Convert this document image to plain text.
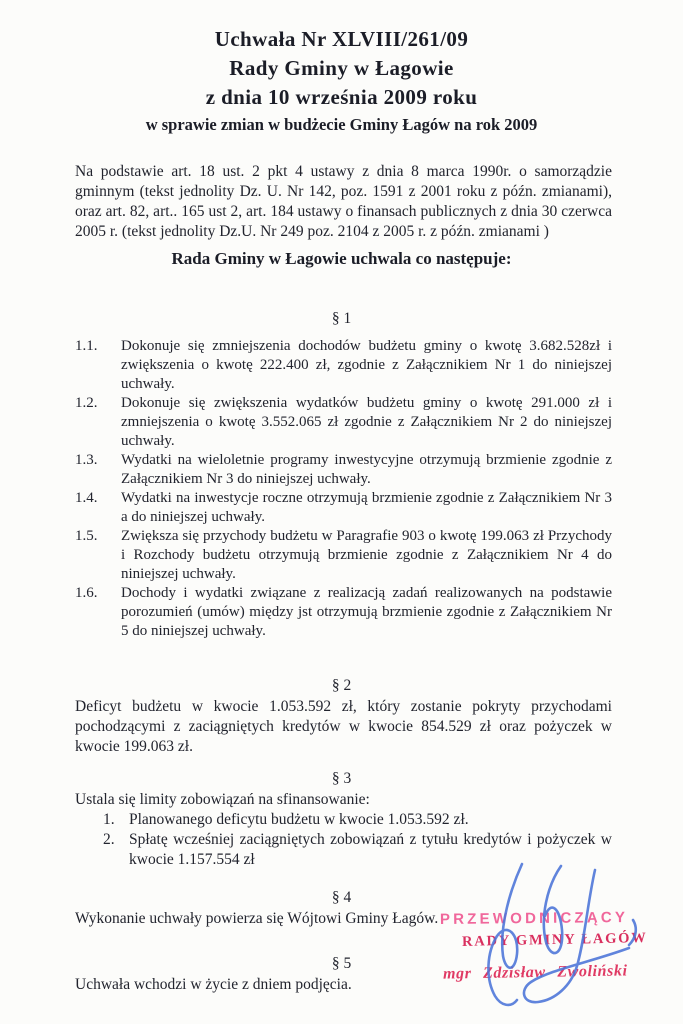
Uchwała Nr XLVIII/261/09
Rady Gminy w Łagowie
z dnia 10 września 2009 roku
w sprawie zmian w budżecie Gminy Łagów na rok 2009

Na podstawie art. 18 ust. 2 pkt 4 ustawy z dnia 8 marca 1990r. o samorządzie gminnym (tekst jednolity Dz. U. Nr 142, poz. 1591 z 2001 roku z późn. zmianami), oraz art. 82, art.. 165 ust 2, art. 184 ustawy o finansach publicznych z dnia 30 czerwca 2005 r. (tekst jednolity Dz.U. Nr 249 poz. 2104 z 2005 r. z późn. zmianami )

Rada Gminy w Łagowie uchwala co następuje:
§ 1
1.1.	Dokonuje się zmniejszenia dochodów budżetu gminy o kwotę 3.682.528zł i zwiększenia o kwotę 222.400 zł, zgodnie z Załącznikiem Nr 1 do niniejszej uchwały.
1.2.	Dokonuje się zwiększenia wydatków budżetu gminy o kwotę 291.000 zł i zmniejszenia o kwotę 3.552.065 zł zgodnie z Załącznikiem Nr 2 do niniejszej uchwały.
1.3.	Wydatki na wieloletnie programy inwestycyjne otrzymują brzmienie zgodnie z Załącznikiem Nr 3 do niniejszej uchwały.
1.4.	Wydatki na inwestycje roczne otrzymują brzmienie zgodnie z Załącznikiem Nr 3 a do niniejszej uchwały.
1.5.	Zwiększa się przychody budżetu w Paragrafie 903 o kwotę 199.063 zł Przychody i Rozchody budżetu otrzymują brzmienie zgodnie z Załącznikiem Nr 4 do niniejszej uchwały.
1.6.	Dochody i wydatki związane z realizacją zadań realizowanych na podstawie porozumień (umów) między jst otrzymują brzmienie zgodnie z Załącznikiem Nr 5 do niniejszej uchwały.
§ 2

Deficyt budżetu w kwocie 1.053.592 zł, który zostanie pokryty przychodami pochodzącymi z zaciągniętych kredytów w kwocie 854.529 zł oraz pożyczek w kwocie 199.063 zł.

§ 3

Ustala się limity zobowiązań na sfinansowanie:

1. Planowanego deficytu budżetu w kwocie 1.053.592 zł.
2. Spłatę wcześniej zaciągniętych zobowiązań z tytułu kredytów i pożyczek w kwocie 1.157.554 zł
§ 4

Wykonanie uchwały powierza się Wójtowi Gminy Łagów.

§ 5

Uchwała wchodzi w życie z dniem podjęcia.

PRZEWODNICZĄCY
RADY GMINY ŁAGÓW
mgr Zdzisław Zwoliński
